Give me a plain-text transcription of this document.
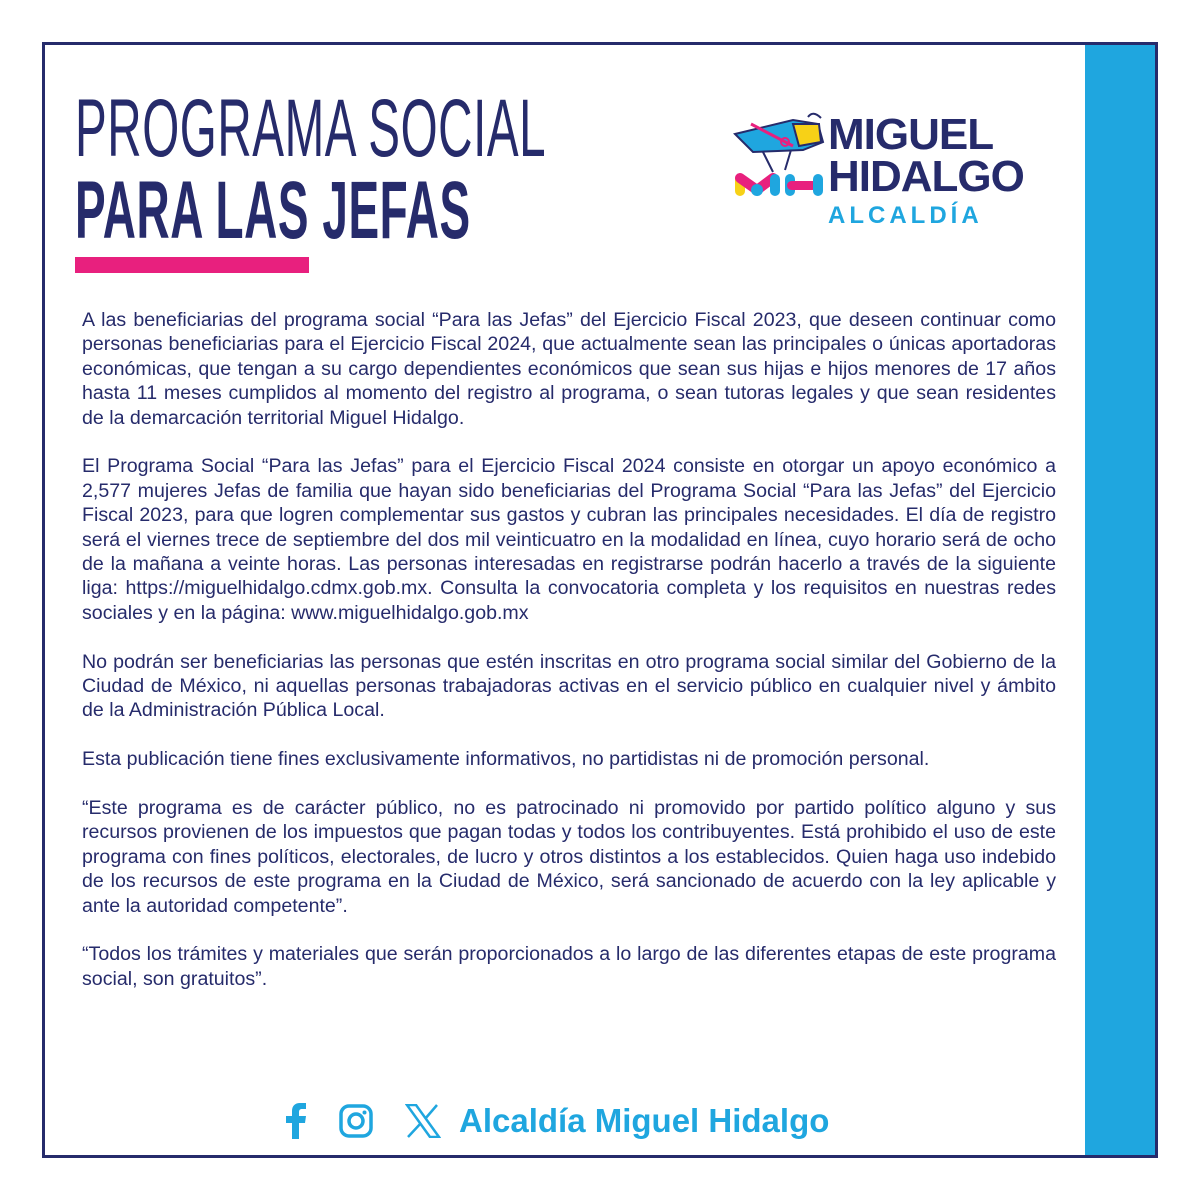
PROGRAMA SOCIAL
PARA LAS JEFAS
MIGUEL
HIDALGO
ALCALDÍA

A las beneficiarias del programa social “Para las Jefas” del Ejercicio Fiscal 2023, que deseen continuar como personas beneficiarias para el Ejercicio Fiscal 2024, que actualmente sean las principales o únicas aportadoras económicas, que tengan a su cargo dependientes económicos que sean sus hijas e hijos menores de 17 años hasta 11 meses cumplidos al momento del registro al programa, o sean tutoras legales y que sean residentes de la demarcación territorial Miguel Hidalgo.

El Programa Social “Para las Jefas” para el Ejercicio Fiscal 2024 consiste en otorgar un apoyo económico a 2,577 mujeres Jefas de familia que hayan sido beneficiarias del Programa Social “Para las Jefas” del Ejercicio Fiscal 2023, para que logren complementar sus gastos y cubran las principales necesidades. El día de registro será el viernes trece de septiembre del dos mil veinticuatro en la modalidad en línea, cuyo horario será de ocho de la mañana a veinte horas. Las personas interesadas en registrarse podrán hacerlo a través de la siguiente liga: https://miguelhidalgo.cdmx.gob.mx. Consulta la convocatoria completa y los requisitos en nuestras redes sociales y en la página: www.miguelhidalgo.gob.mx

No podrán ser beneficiarias las personas que estén inscritas en otro programa social similar del Gobierno de la Ciudad de México, ni aquellas personas trabajadoras activas en el servicio público en cualquier nivel y ámbito de la Administración Pública Local.

Esta publicación tiene fines exclusivamente informativos, no partidistas ni de promoción personal.

“Este programa es de carácter público, no es patrocinado ni promovido por partido político alguno y sus recursos provienen de los impuestos que pagan todas y todos los contribuyentes. Está prohibido el uso de este programa con fines políticos, electorales, de lucro y otros distintos a los establecidos. Quien haga uso indebido de los recursos de este programa en la Ciudad de México, será sancionado de acuerdo con la ley aplicable y ante la autoridad competente”.

“Todos los trámites y materiales que serán proporcionados a lo largo de las diferentes etapas de este programa social, son gratuitos”.

Alcaldía Miguel Hidalgo
